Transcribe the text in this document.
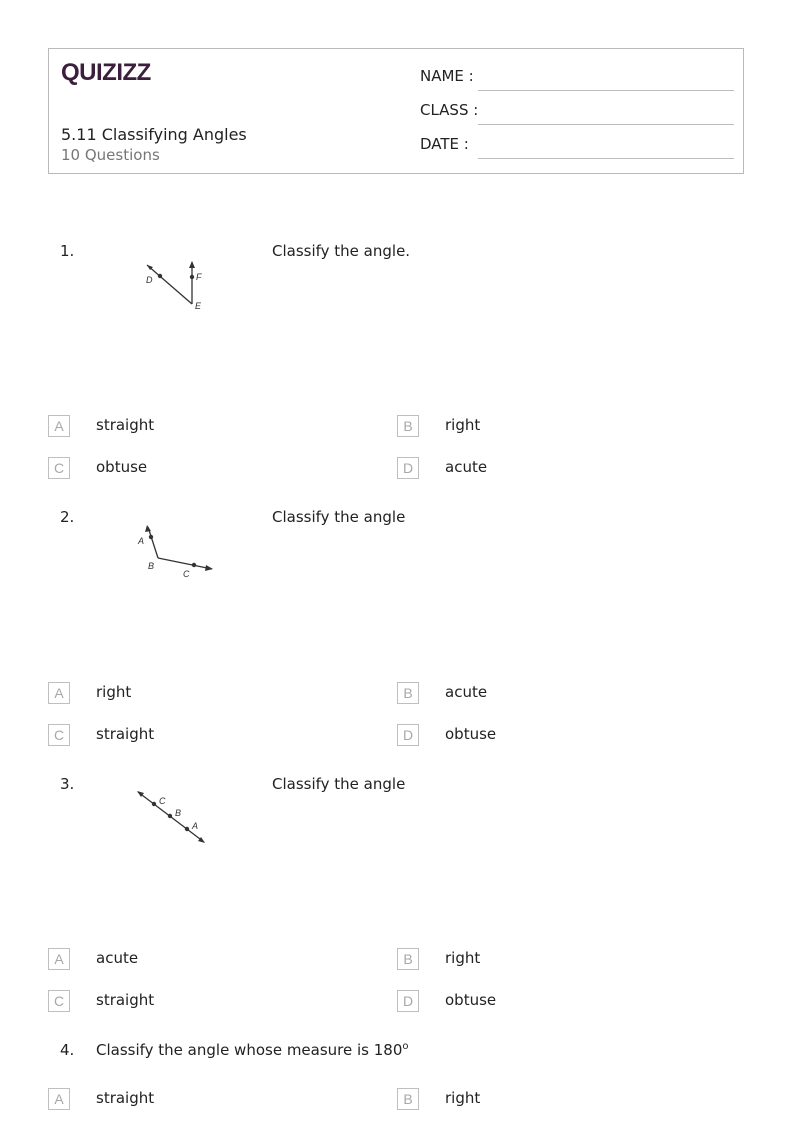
QUIZIZZ
5.11 Classifying Angles
10 Questions
NAME :
CLASS :
DATE :
1.	Classify the angle.
D	F
E
A	straight	B	right
C	obtuse	D	acute
2.	Classify the angle
A
B
C
A	right	B	acute
C	straight	D	obtuse
3.	Classify the angle
C
B
A
A	acute	B	right
C	straight	D	obtuse
4. Classify the angle whose measure is 180$^o$
A	straight	B	right
